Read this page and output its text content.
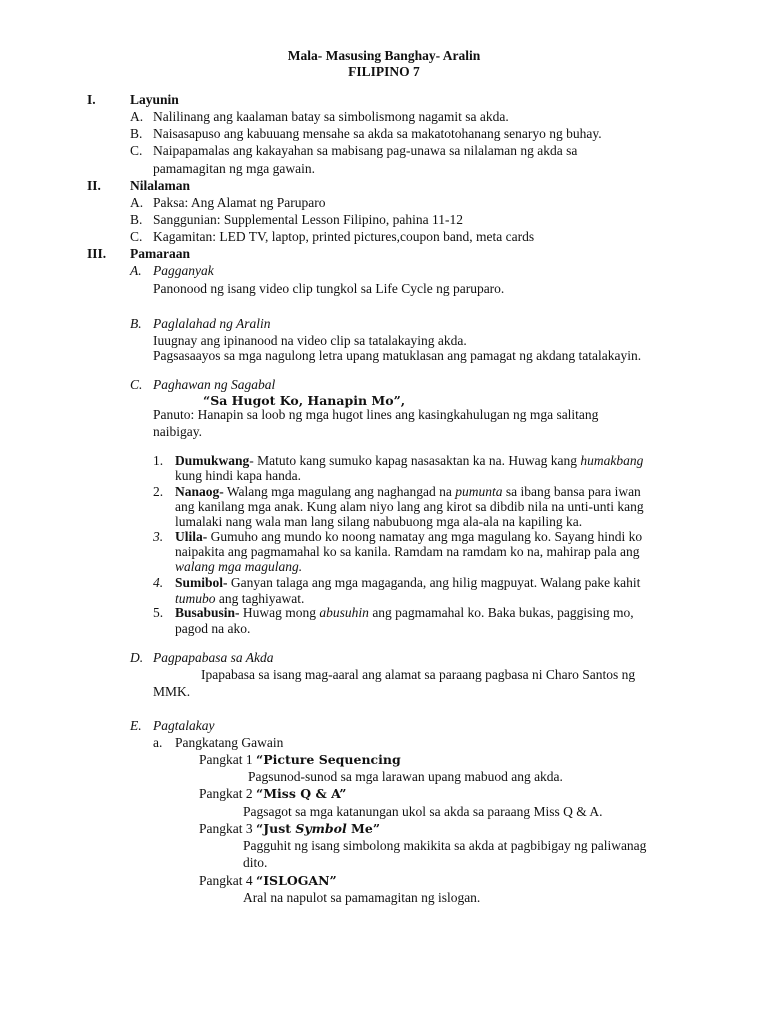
Mala- Masusing Banghay- Aralin
FILIPINO 7
I.	Layunin
A. Nalilinang ang kaalaman batay sa simbolismong nagamit sa akda.
B. Naisasapuso ang kabuuang mensahe sa akda sa makatotohanang senaryo ng buhay.
C. Naipapamalas ang kakayahan sa mabisang pag-unawa sa nilalaman ng akda sa
pamamagitan ng mga gawain.
II. Nilalaman
A. Paksa: Ang Alamat ng Paruparo
B. Sanggunian: Supplemental Lesson Filipino, pahina 11-12
C. Kagamitan: LED TV, laptop, printed pictures,coupon band, meta cards
III. Pamaraan
A. Pagganyak
Panonood ng isang video clip tungkol sa Life Cycle ng paruparo.
B. Paglalahad ng Aralin
Iuugnay ang ipinanood na video clip sa tatalakaying akda.
Pagsasaayos sa mga nagulong letra upang matuklasan ang pamagat ng akdang tatalakayin.
C. Paghawan ng Sagabal
“Sa Hugot Ko, Hanapin Mo”,
Panuto: Hanapin sa loob ng mga hugot lines ang kasingkahulugan ng mga salitang
naibigay.
1. Dumukwang- Matuto kang sumuko kapag nasasaktan ka na. Huwag kang humakbang
kung hindi kapa handa.
2. Nanaog- Walang mga magulang ang naghangad na pumunta sa ibang bansa para iwan
ang kanilang mga anak. Kung alam niyo lang ang kirot sa dibdib nila na unti-unti kang
lumalaki nang wala man lang silang nabubuong mga ala-ala na kapiling ka.
3. Ulila- Gumuho ang mundo ko noong namatay ang mga magulang ko. Sayang hindi ko
naipakita ang pagmamahal ko sa kanila. Ramdam na ramdam ko na, mahirap pala ang
walang mga magulang.
4. Sumibol- Ganyan talaga ang mga magaganda, ang hilig magpuyat. Walang pake kahit
tumubo ang taghiyawat.
5. Busabusin- Huwag mong abusuhin ang pagmamahal ko. Baka bukas, paggising mo,
pagod na ako.
D. Pagpapabasa sa Akda
Ipapabasa sa isang mag-aaral ang alamat sa paraang pagbasa ni Charo Santos ng
MMK.
E. Pagtalakay
a. Pangkatang Gawain
Pangkat 1 “Picture Sequencing
Pagsunod-sunod sa mga larawan upang mabuod ang akda.
Pangkat 2 “Miss Q & A”
Pagsagot sa mga katanungan ukol sa akda sa paraang Miss Q & A.
Pangkat 3 “Just Symbol Me”
Pagguhit ng isang simbolong makikita sa akda at pagbibigay ng paliwanag
dito.
Pangkat 4 “ISLOGAN”
Aral na napulot sa pamamagitan ng islogan.
